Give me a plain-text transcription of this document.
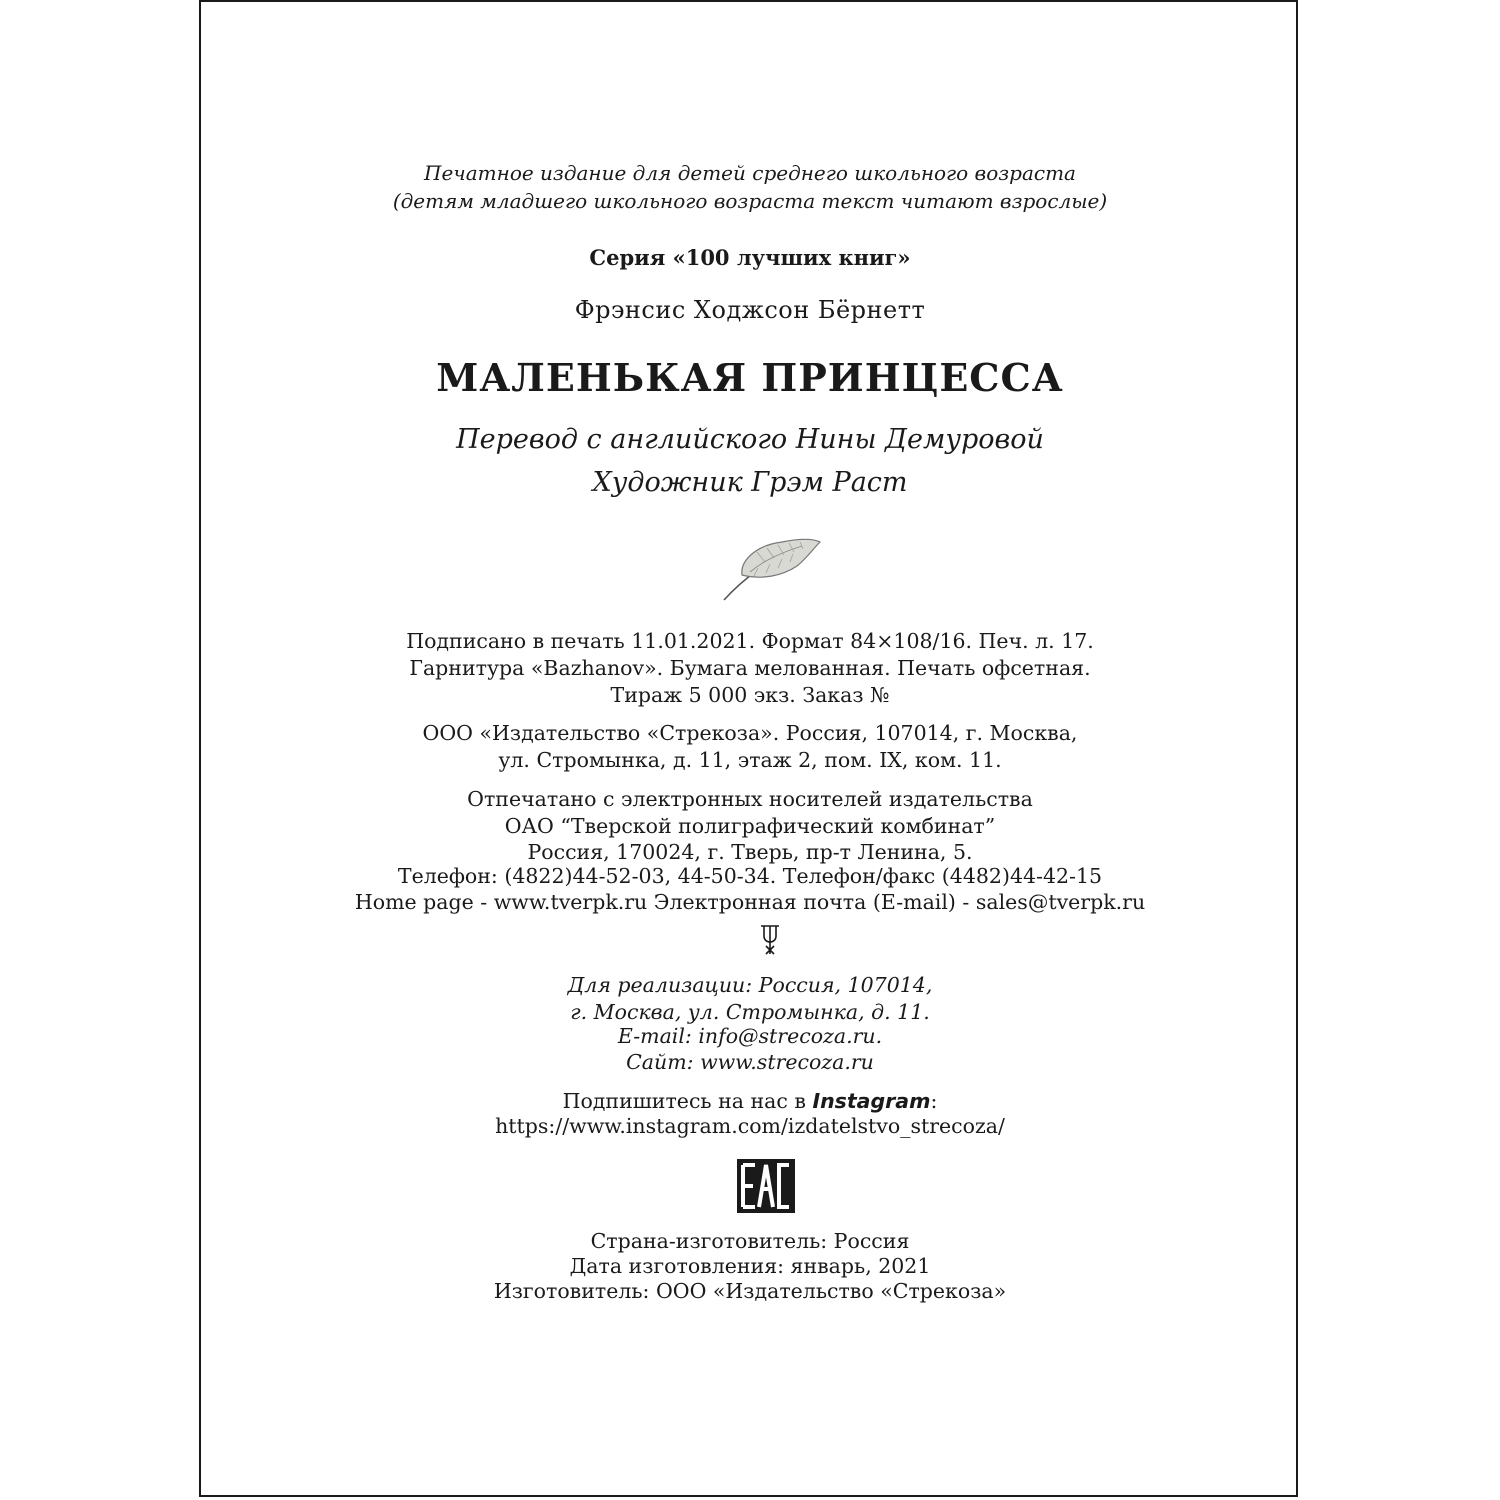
Печатное издание для детей среднего школьного возраста
(детям младшего школьного возраста текст читают взрослые)
Серия «100 лучших книг»
Фрэнсис Ходжсон Бёрнетт
МАЛЕНЬКАЯ ПРИНЦЕССА
Перевод с английского Нины Демуровой
Художник Грэм Раст
Подписано в печать 11.01.2021. Формат 84×108/16. Печ. л. 17.
Гарнитура «Bazhanov». Бумага мелованная. Печать офсетная.
Тираж 5 000 экз. Заказ №
ООО «Издательство «Стрекоза». Россия, 107014, г. Москва,
ул. Стромынка, д. 11, этаж 2, пом. IX, ком. 11.
Отпечатано с электронных носителей издательства
ОАО “Тверской полиграфический комбинат”
Россия, 170024, г. Тверь, пр-т Ленина, 5.
Телефон: (4822)44-52-03, 44-50-34. Телефон/факс (4482)44-42-15
Home page - www.tverpk.ru Электронная почта (E-mail) - sales@tverpk.ru
Для реализации: Россия, 107014,
г. Москва, ул. Стромынка, д. 11.
E-mail: info@strecoza.ru.
Сайт: www.strecoza.ru
Подпишитесь на нас в Instagram:
https://www.instagram.com/izdatelstvo_strecoza/
EAC
Страна-изготовитель: Россия
Дата изготовления: январь, 2021
Изготовитель: ООО «Издательство «Стрекоза»
